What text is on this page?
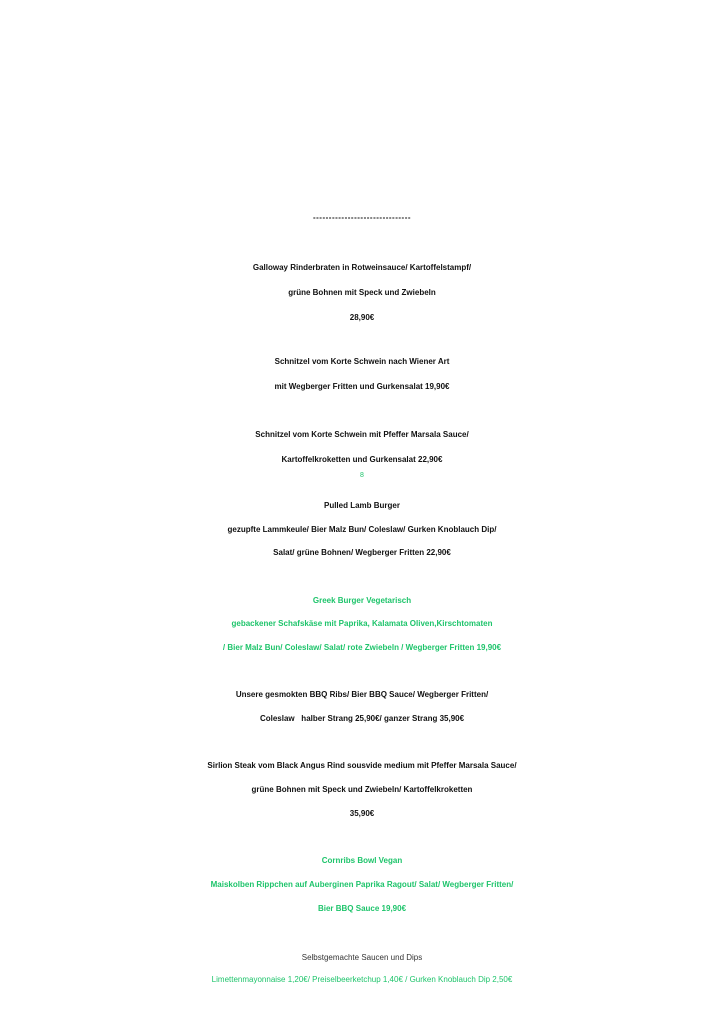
-------------------------------
Galloway Rinderbraten in Rotweinsauce/ Kartoffelstampf/
grüne Bohnen mit Speck und Zwiebeln
28,90€
Schnitzel vom Korte Schwein nach Wiener Art
mit Wegberger Fritten und Gurkensalat 19,90€
Schnitzel vom Korte Schwein mit Pfeffer Marsala Sauce/
Kartoffelkroketten und Gurkensalat 22,90€
8
Pulled Lamb Burger
gezupfte Lammkeule/ Bier Malz Bun/ Coleslaw/ Gurken Knoblauch Dip/
Salat/ grüne Bohnen/ Wegberger Fritten 22,90€
Greek Burger Vegetarisch
gebackener Schafskäse mit Paprika, Kalamata Oliven,Kirschtomaten
/ Bier Malz Bun/ Coleslaw/ Salat/ rote Zwiebeln / Wegberger Fritten 19,90€
Unsere gesmokten BBQ Ribs/ Bier BBQ Sauce/ Wegberger Fritten/
Coleslaw   halber Strang 25,90€/ ganzer Strang 35,90€
Sirlion Steak vom Black Angus Rind sousvide medium mit Pfeffer Marsala Sauce/
grüne Bohnen mit Speck und Zwiebeln/ Kartoffelkroketten
35,90€
Cornribs Bowl Vegan
Maiskolben Rippchen auf Auberginen Paprika Ragout/ Salat/ Wegberger Fritten/
Bier BBQ Sauce 19,90€
Selbstgemachte Saucen und Dips
Limettenmayonnaise 1,20€/ Preiselbeerketchup 1,40€ / Gurken Knoblauch Dip 2,50€
